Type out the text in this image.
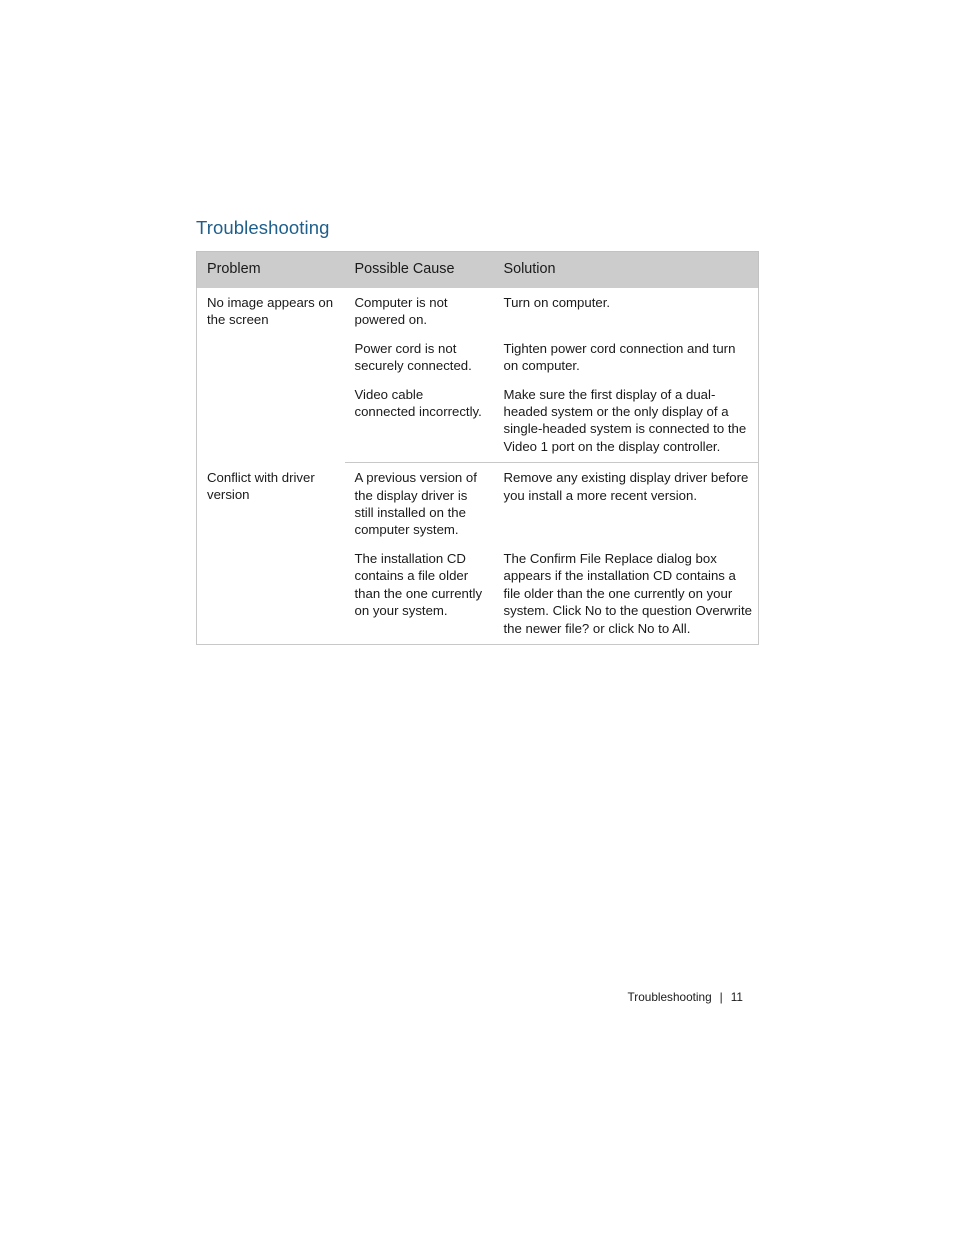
Troubleshooting
Problem	Possible Cause	Solution
No image appears on the screen	Computer is not powered on.	Turn on computer.
	Power cord is not securely connected.	Tighten power cord connection and turn on computer.
	Video cable connected incorrectly.	Make sure the first display of a dual-headed system or the only display of a single-headed system is connected to the Video 1 port on the display controller.
Conflict with driver version	A previous version of the display driver is still installed on the computer system.	Remove any existing display driver before you install a more recent version.
	The installation CD contains a file older than the one currently on your system.	The Confirm File Replace dialog box appears if the installation CD contains a file older than the one currently on your system. Click No to the question Overwrite the newer file? or click No to All.
Troubleshooting | 11
